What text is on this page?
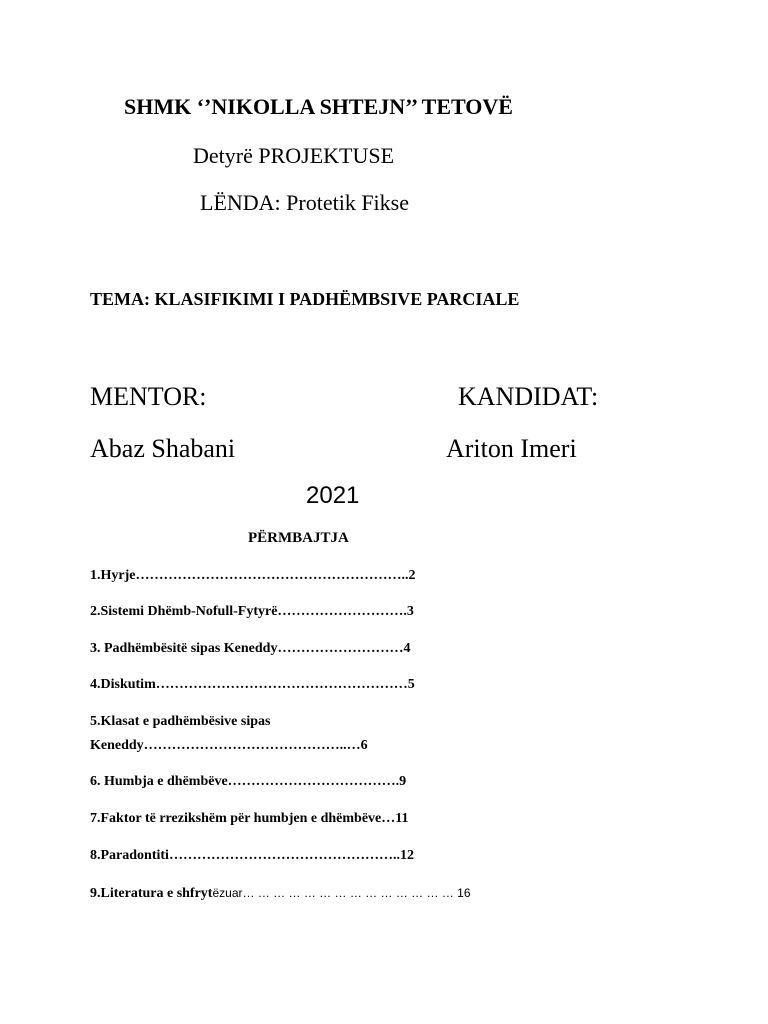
SHMK ‘’NIKOLLA SHTEJN’’ TETOVË
Detyrë PROJEKTUSE
LËNDA: Protetik Fikse
TEMA: KLASIFIKIMI I PADHËMBSIVE PARCIALE
MENTOR:	KANDIDAT:
Abaz Shabani	Ariton Imeri
2021
PËRMBAJTJA
1.Hyrje…………………………………………………..2
2.Sistemi Dhëmb-Nofull-Fytyrë……………………….3
3. Padhëmbësitë sipas Keneddy………………………4
4.Diskutim………………………………………………5
5.Klasat e padhëmbësive sipas
Keneddy……………………………………..…6
6. Humbja e dhëmbëve……………………………….9
7.Faktor të rrezikshëm për humbjen e dhëmbëve…11
8.Paradontiti…………………………………………..12
9.Literatura e shfrytëzuar… … … … … … … … … … … … … … 16
